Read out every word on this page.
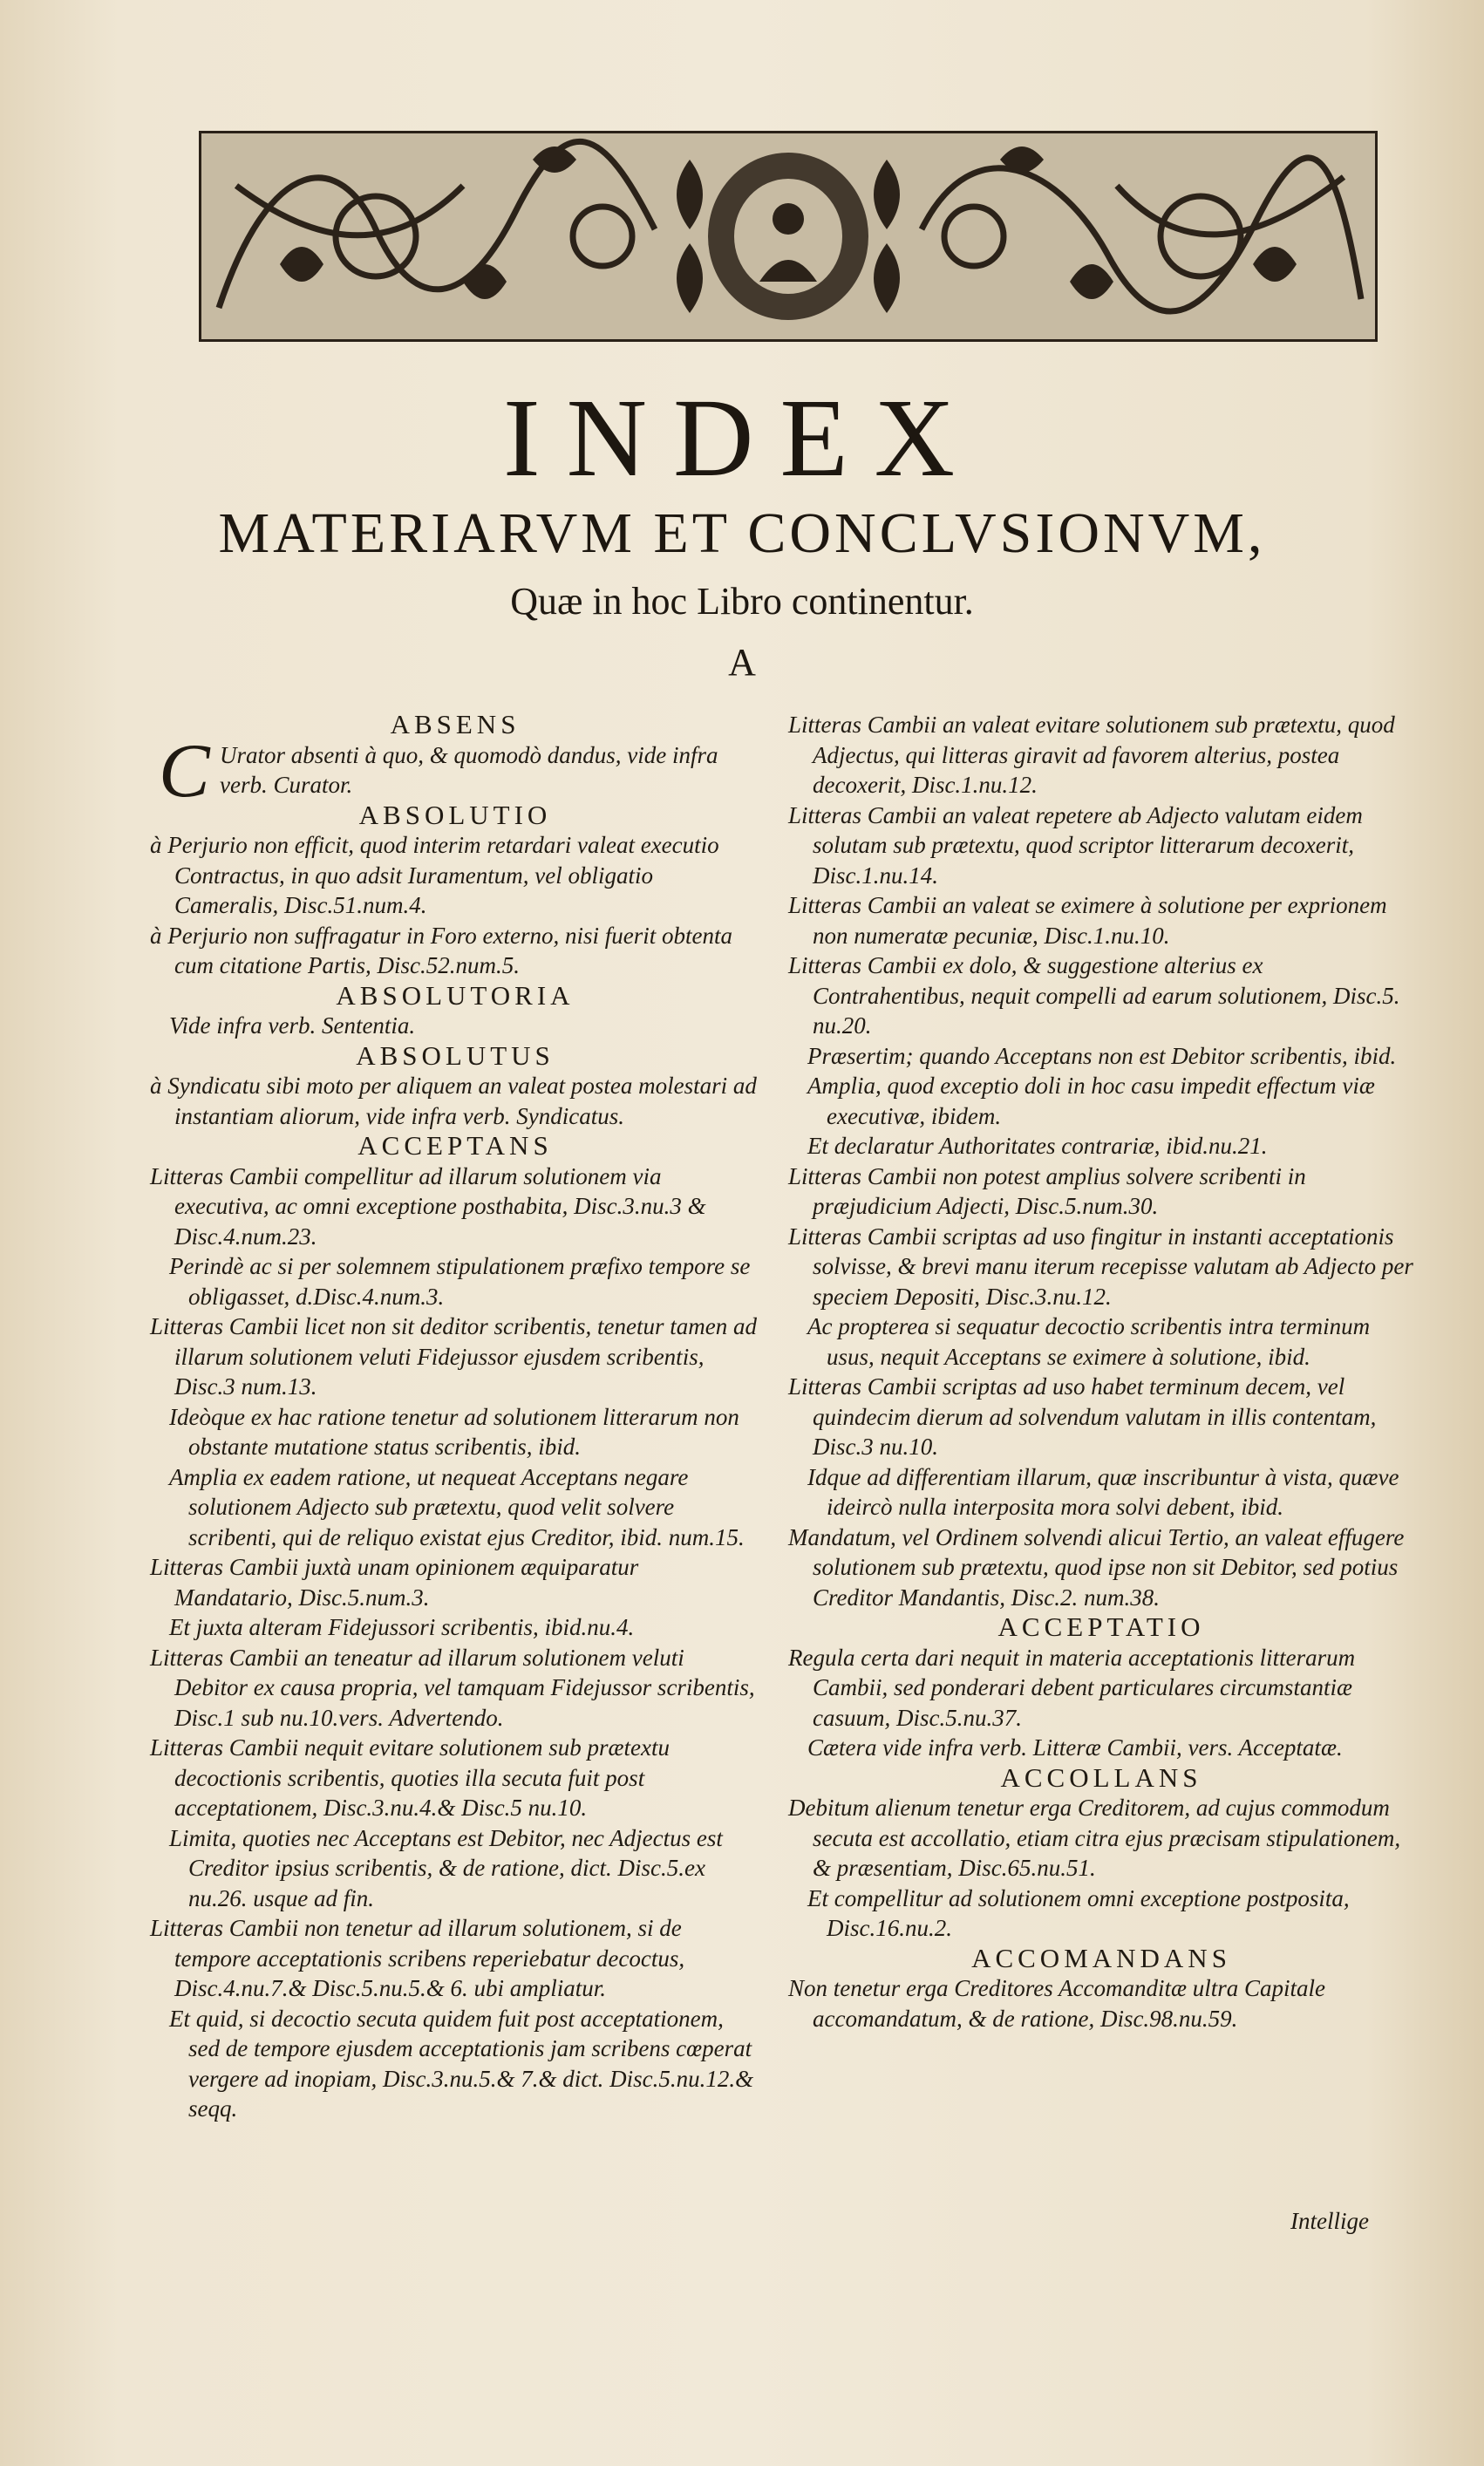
INDEX
MATERIARVM ET CONCLVSIONVM,
Quæ in hoc Libro continentur.
A

ABSENS

C Urator absenti à quo, & quomodò dandus, vide infra verb. Curator.

ABSOLUTIO

à Perjurio non efficit, quod interim retardari valeat executio Contractus, in quo adsit Iuramentum, vel obligatio Cameralis, Disc.51.num.4.

à Perjurio non suffragatur in Foro externo, nisi fuerit obtenta cum citatione Partis, Disc.52.num.5.

ABSOLUTORIA

Vide infra verb. Sententia.

ABSOLUTUS

à Syndicatu sibi moto per aliquem an valeat postea molestari ad instantiam aliorum, vide infra verb. Syndicatus.

ACCEPTANS

Litteras Cambii compellitur ad illarum solutionem via executiva, ac omni exceptione posthabita, Disc.3.nu.3 & Disc.4.num.23.

Perindè ac si per solemnem stipulationem præfixo tempore se obligasset, d.Disc.4.num.3.

Litteras Cambii licet non sit deditor scribentis, tenetur tamen ad illarum solutionem veluti Fidejussor ejusdem scribentis, Disc.3 num.13.

Ideòque ex hac ratione tenetur ad solutionem litterarum non obstante mutatione status scribentis, ibid.

Ampliа ex eadem ratione, ut nequeat Acceptans negare solutionem Adjecto sub prætextu, quod velit solvere scribenti, qui de reliquo existat ejus Creditor, ibid. num.15.

Litteras Cambii juxtà unam opinionem æquiparatur Mandatario, Disc.5.num.3.

Et juxta alteram Fidejussori scribentis, ibid.nu.4.

Litteras Cambii an teneatur ad illarum solutionem veluti Debitor ex causa propria, vel tamquam Fidejussor scribentis, Disc.1 sub nu.10.vers. Advertendo.

Litteras Cambii nequit evitare solutionem sub prætextu decoctionis scribentis, quoties illa secuta fuit post acceptationem, Disc.3.nu.4.& Disc.5 nu.10.

Limita, quoties nec Acceptans est Debitor, nec Adjectus est Creditor ipsius scribentis, & de ratione, dict. Disc.5.ex nu.26. usque ad fin.

Litteras Cambii non tenetur ad illarum solutionem, si de tempore acceptationis scribens reperiebatur decoctus, Disc.4.nu.7.& Disc.5.nu.5.& 6. ubi ampliatur.

Et quid, si decoctio secuta quidem fuit post acceptationem, sed de tempore ejusdem acceptationis jam scribens cœperat vergere ad inopiam, Disc.3.nu.5.& 7.& dict. Disc.5.nu.12.& seqq.

Litteras Cambii an valeat evitare solutionem sub prætextu, quod Adjectus, qui litteras giravit ad favorem alterius, postea decoxerit, Disc.1.nu.12.

Litteras Cambii an valeat repetere ab Adjecto valutam eidem solutam sub prætextu, quod scriptor litterarum decoxerit, Disc.1.nu.14.

Litteras Cambii an valeat se eximere à solutione per exprionem non numeratæ pecuniæ, Disc.1.nu.10.

Litteras Cambii ex dolo, & suggestione alterius ex Contrahentibus, nequit compelli ad earum solutionem, Disc.5. nu.20.

Præsertim; quando Acceptans non est Debitor scribentis, ibid.

Ampliа, quod exceptio doli in hoc casu impedit effectum viæ executivæ, ibidem.

Et declaratur Authoritates contrariæ, ibid.nu.21.

Litteras Cambii non potest amplius solvere scribenti in præjudicium Adjecti, Disc.5.num.30.

Litteras Cambii scriptas ad uso fingitur in instanti acceptationis solvisse, & brevi manu iterum recepisse valutam ab Adjecto per speciem Depositi, Disc.3.nu.12.

Ac propterea si sequatur decoctio scribentis intra terminum usus, nequit Acceptans se eximere à solutione, ibid.

Litteras Cambii scriptas ad uso habet terminum decem, vel quindecim dierum ad solvendum valutam in illis contentam, Disc.3 nu.10.

Idque ad differentiam illarum, quæ inscribuntur à vista, quæve ideircò nulla interposita mora solvi debent, ibid.

Mandatum, vel Ordinem solvendi alicui Tertio, an valeat effugere solutionem sub prætextu, quod ipse non sit Debitor, sed potius Creditor Mandantis, Disc.2. num.38.

ACCEPTATIO

Regula certa dari nequit in materia acceptationis litterarum Cambii, sed ponderari debent particulares circumstantiæ casuum, Disc.5.nu.37.

Cætera vide infra verb. Litteræ Cambii, vers. Acceptatæ.

ACCOLLANS

Debitum alienum tenetur erga Creditorem, ad cujus commodum secuta est accollatio, etiam citra ejus præcisam stipulationem, & præsentiam, Disc.65.nu.51.

Et compellitur ad solutionem omni exceptione postposita, Disc.16.nu.2.

ACCOMANDANS

Non tenetur erga Creditores Accomanditæ ultra Capitale accomandatum, & de ratione, Disc.98.nu.59.

Intellige
